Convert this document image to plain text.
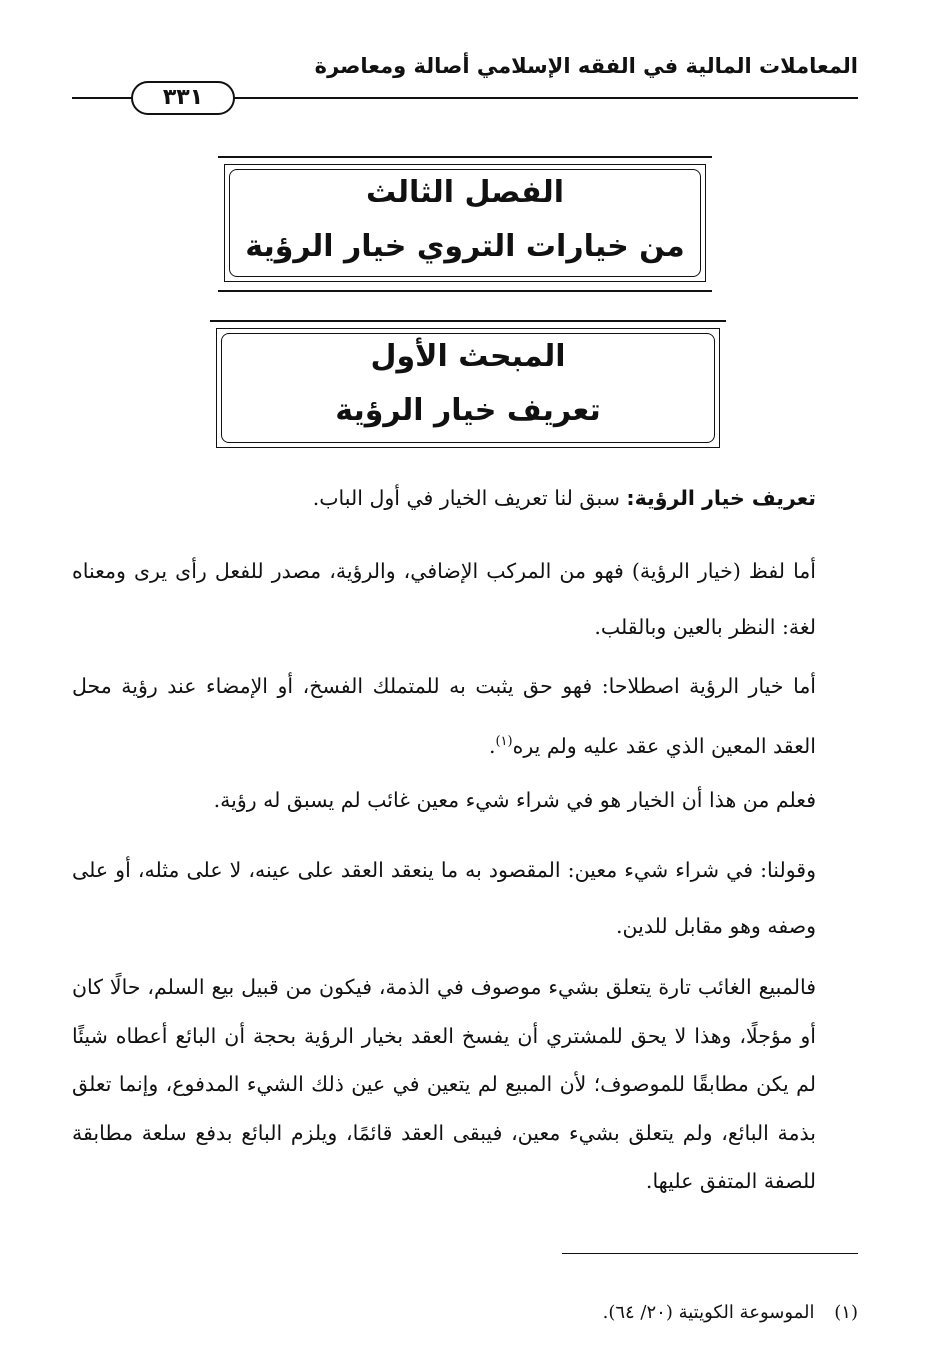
المعاملات المالية في الفقه الإسلامي أصالة ومعاصرة
٣٣١
الفصل الثالث
من خيارات التروي خيار الرؤية
المبحث الأول
تعريف خيار الرؤية
تعريف خيار الرؤية: سبق لنا تعريف الخيار في أول الباب.
أما لفظ (خيار الرؤية) فهو من المركب الإضافي، والرؤية، مصدر للفعل رأى يرى ومعناه لغة: النظر بالعين وبالقلب.
أما خيار الرؤية اصطلاحا: فهو حق يثبت به للمتملك الفسخ، أو الإمضاء عند رؤية محل العقد المعين الذي عقد عليه ولم يره$^{(١)}$.
فعلم من هذا أن الخيار هو في شراء شيء معين غائب لم يسبق له رؤية.
وقولنا: في شراء شيء معين: المقصود به ما ينعقد العقد على عينه، لا على مثله، أو على وصفه وهو مقابل للدين.
فالمبيع الغائب تارة يتعلق بشيء موصوف في الذمة، فيكون من قبيل بيع السلم، حالًا كان أو مؤجلًا، وهذا لا يحق للمشتري أن يفسخ العقد بخيار الرؤية بحجة أن البائع أعطاه شيئًا لم يكن مطابقًا للموصوف؛ لأن المبيع لم يتعين في عين ذلك الشيء المدفوع، وإنما تعلق بذمة البائع، ولم يتعلق بشيء معين، فيبقى العقد قائمًا، ويلزم البائع بدفع سلعة مطابقة للصفة المتفق عليها.
(١) الموسوعة الكويتية (٢٠/ ٦٤).
